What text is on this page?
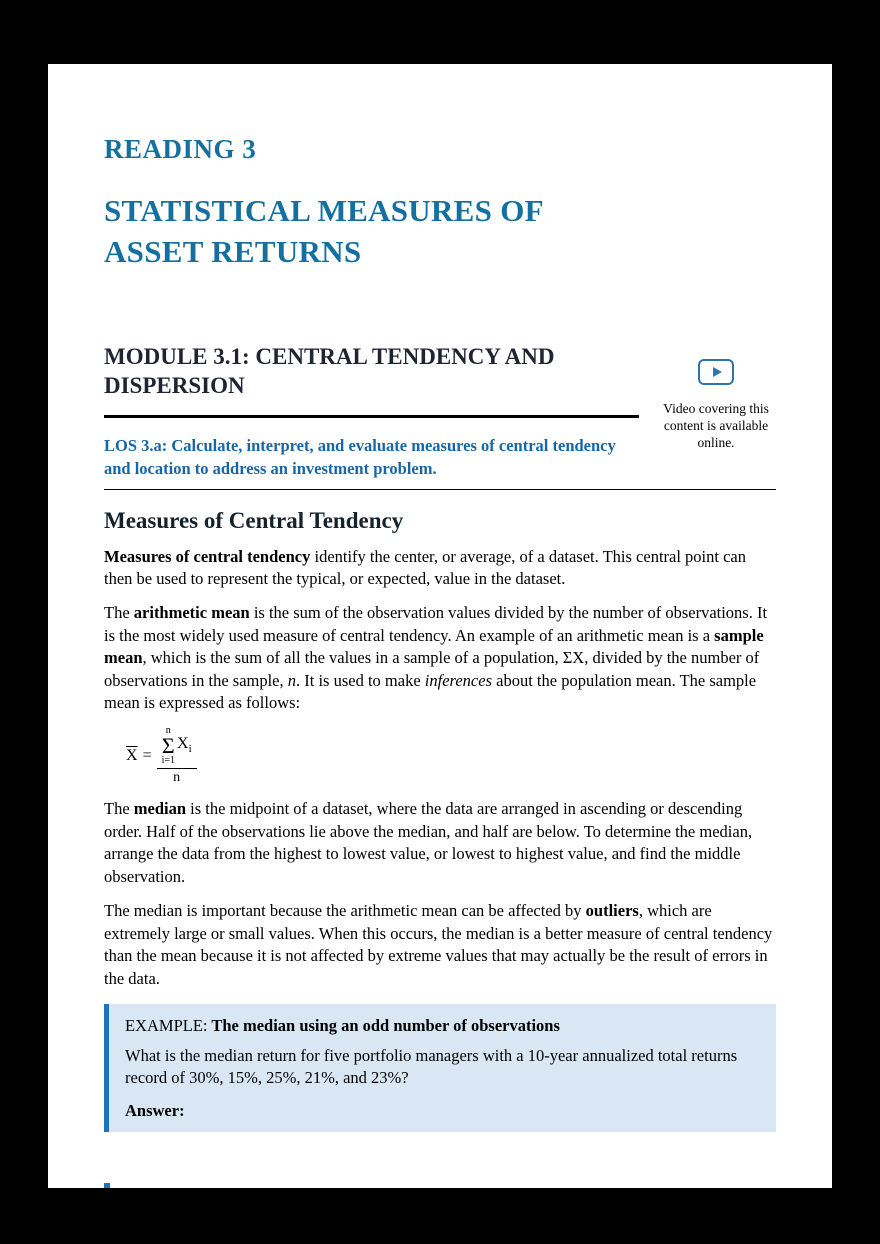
READING 3
STATISTICAL MEASURES OF
ASSET RETURNS
MODULE 3.1: CENTRAL TENDENCY AND DISPERSION

LOS 3.a: Calculate, interpret, and evaluate measures of central tendency and location to address an investment problem.

Video covering this content is available online.
Measures of Central Tendency

Measures of central tendency identify the center, or average, of a dataset. This central point can then be used to represent the typical, or expected, value in the dataset.

The arithmetic mean is the sum of the observation values divided by the number of observations. It is the most widely used measure of central tendency. An example of an arithmetic mean is a sample mean, which is the sum of all the values in a sample of a population, ΣX, divided by the number of observations in the sample, n. It is used to make inferences about the population mean. The sample mean is expressed as follows:

$\overline{X} = n$
Σ
i=1
$X_i$
n

The median is the midpoint of a dataset, where the data are arranged in ascending or descending order. Half of the observations lie above the median, and half are below. To determine the median, arrange the data from the highest to lowest value, or lowest to highest value, and find the middle observation.

The median is important because the arithmetic mean can be affected by outliers, which are extremely large or small values. When this occurs, the median is a better measure of central tendency than the mean because it is not affected by extreme values that may actually be the result of errors in the data.

EXAMPLE: The median using an odd number of observations

What is the median return for five portfolio managers with a 10-year annualized total returns record of 30%, 15%, 25%, 21%, and 23%?

Answer:
